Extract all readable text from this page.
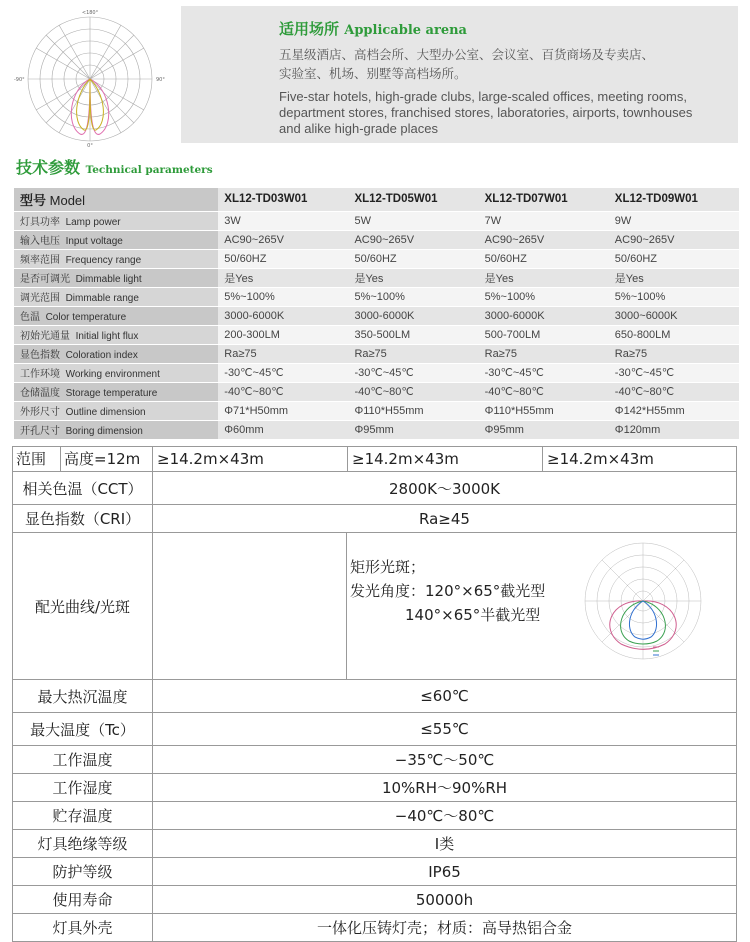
<180°
-90°	90°
0°
适用场所 Applicable arena
五星级酒店、高档会所、大型办公室、会议室、百货商场及专卖店、
实验室、机场、别墅等高档场所。
Five-star hotels, high-grade clubs, large-scaled offices, meeting rooms,
department stores, franchised stores, laboratories, airports, townhouses
and alike high-grade places
技术参数 Technical parameters
型号 Model	XL12-TD03W01	XL12-TD05W01	XL12-TD07W01	XL12-TD09W01
灯具功率 Lamp power	3W	5W	7W	9W
输入电压 Input voltage	AC90~265V	AC90~265V	AC90~265V	AC90~265V
频率范围 Frequency range	50/60HZ	50/60HZ	50/60HZ	50/60HZ
是否可调光 Dimmable light	是Yes	是Yes	是Yes	是Yes
调光范围 Dimmable range	5%~100%	5%~100%	5%~100%	5%~100%
色温 Color temperature	3000-6000K	3000-6000K	3000-6000K	3000~6000K
初始光通量 Initial light flux	200-300LM	350-500LM	500-700LM	650-800LM
显色指数 Coloration index	Ra≥75	Ra≥75	Ra≥75	Ra≥75
工作环境 Working environment	-30℃~45℃	-30℃~45℃	-30℃~45℃	-30℃~45℃
仓储温度 Storage temperature	-40℃~80℃	-40℃~80℃	-40℃~80℃	-40℃~80℃
外形尺寸 Outline dimension	Φ71*H50mm	Φ110*H55mm	Φ110*H55mm	Φ142*H55mm
开孔尺寸 Boring dimension	Φ60mm	Φ95mm	Φ95mm	Φ120mm
范围 高度=12m	≥14.2m×43m	≥14.2m×43m	≥14.2m×43m
相关色温（CCT）	2800K～3000K		
显色指数（CRI）	Ra≥45		
配光曲线/光斑	矩形光斑；
发光角度：120°×65°截光型
140°×65°半截光型		

最大热沉温度	≤60℃		
最大温度（Tc）	≤55℃		
工作温度	−35℃～50℃		
工作湿度	10%RH～90%RH		
贮存温度	−40℃～80℃		
灯具绝缘等级	I类		
防护等级	IP65		
使用寿命	50000h		
灯具外壳	一体化压铸灯壳；材质：高导热铝合金		
